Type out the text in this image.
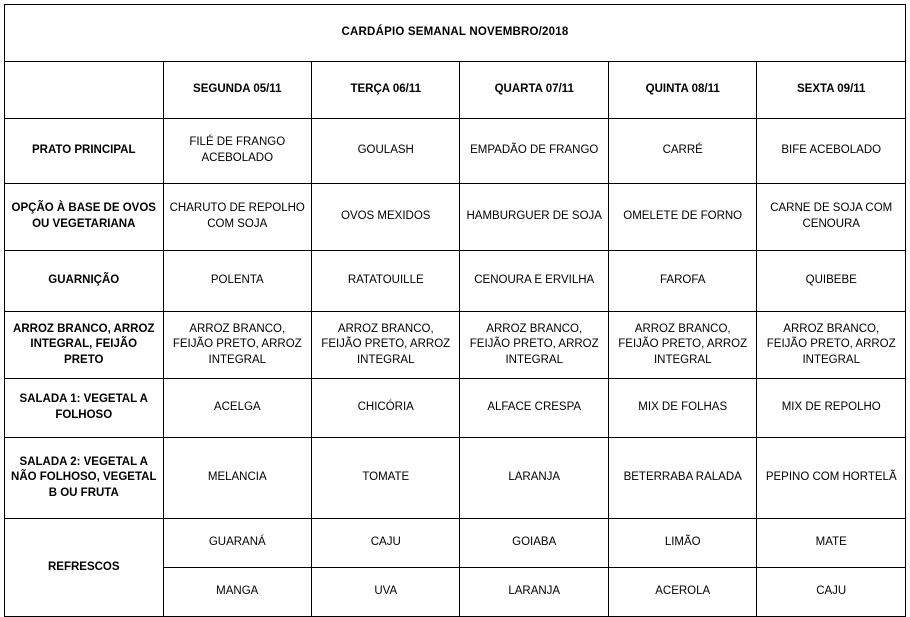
CARDÁPIO SEMANAL NOVEMBRO/2018					
	SEGUNDA 05/11	TERÇA 06/11	QUARTA 07/11	QUINTA 08/11	SEXTA 09/11
PRATO PRINCIPAL	FILÉ DE FRANGO ACEBOLADO	GOULASH	EMPADÃO DE FRANGO	CARRÉ	BIFE ACEBOLADO
OPÇÃO À BASE DE OVOS OU VEGETARIANA	CHARUTO DE REPOLHO COM SOJA	OVOS MEXIDOS	HAMBURGUER DE SOJA	OMELETE DE FORNO	CARNE DE SOJA COM CENOURA
GUARNIÇÃO	POLENTA	RATATOUILLE	CENOURA E ERVILHA	FAROFA	QUIBEBE
ARROZ BRANCO, ARROZ INTEGRAL, FEIJÃO PRETO	ARROZ BRANCO, FEIJÃO PRETO, ARROZ INTEGRAL	ARROZ BRANCO, FEIJÃO PRETO, ARROZ INTEGRAL	ARROZ BRANCO, FEIJÃO PRETO, ARROZ INTEGRAL	ARROZ BRANCO, FEIJÃO PRETO, ARROZ INTEGRAL	ARROZ BRANCO, FEIJÃO PRETO, ARROZ INTEGRAL
SALADA 1: VEGETAL A FOLHOSO	ACELGA	CHICÓRIA	ALFACE CRESPA	MIX DE FOLHAS	MIX DE REPOLHO
SALADA 2: VEGETAL A NÃO FOLHOSO, VEGETAL B OU FRUTA	MELANCIA	TOMATE	LARANJA	BETERRABA RALADA	PEPINO COM HORTELÃ
REFRESCOS	GUARANÁ	CAJU	GOIABA	LIMÃO	MATE
	MANGA	UVA	LARANJA	ACEROLA	CAJU
